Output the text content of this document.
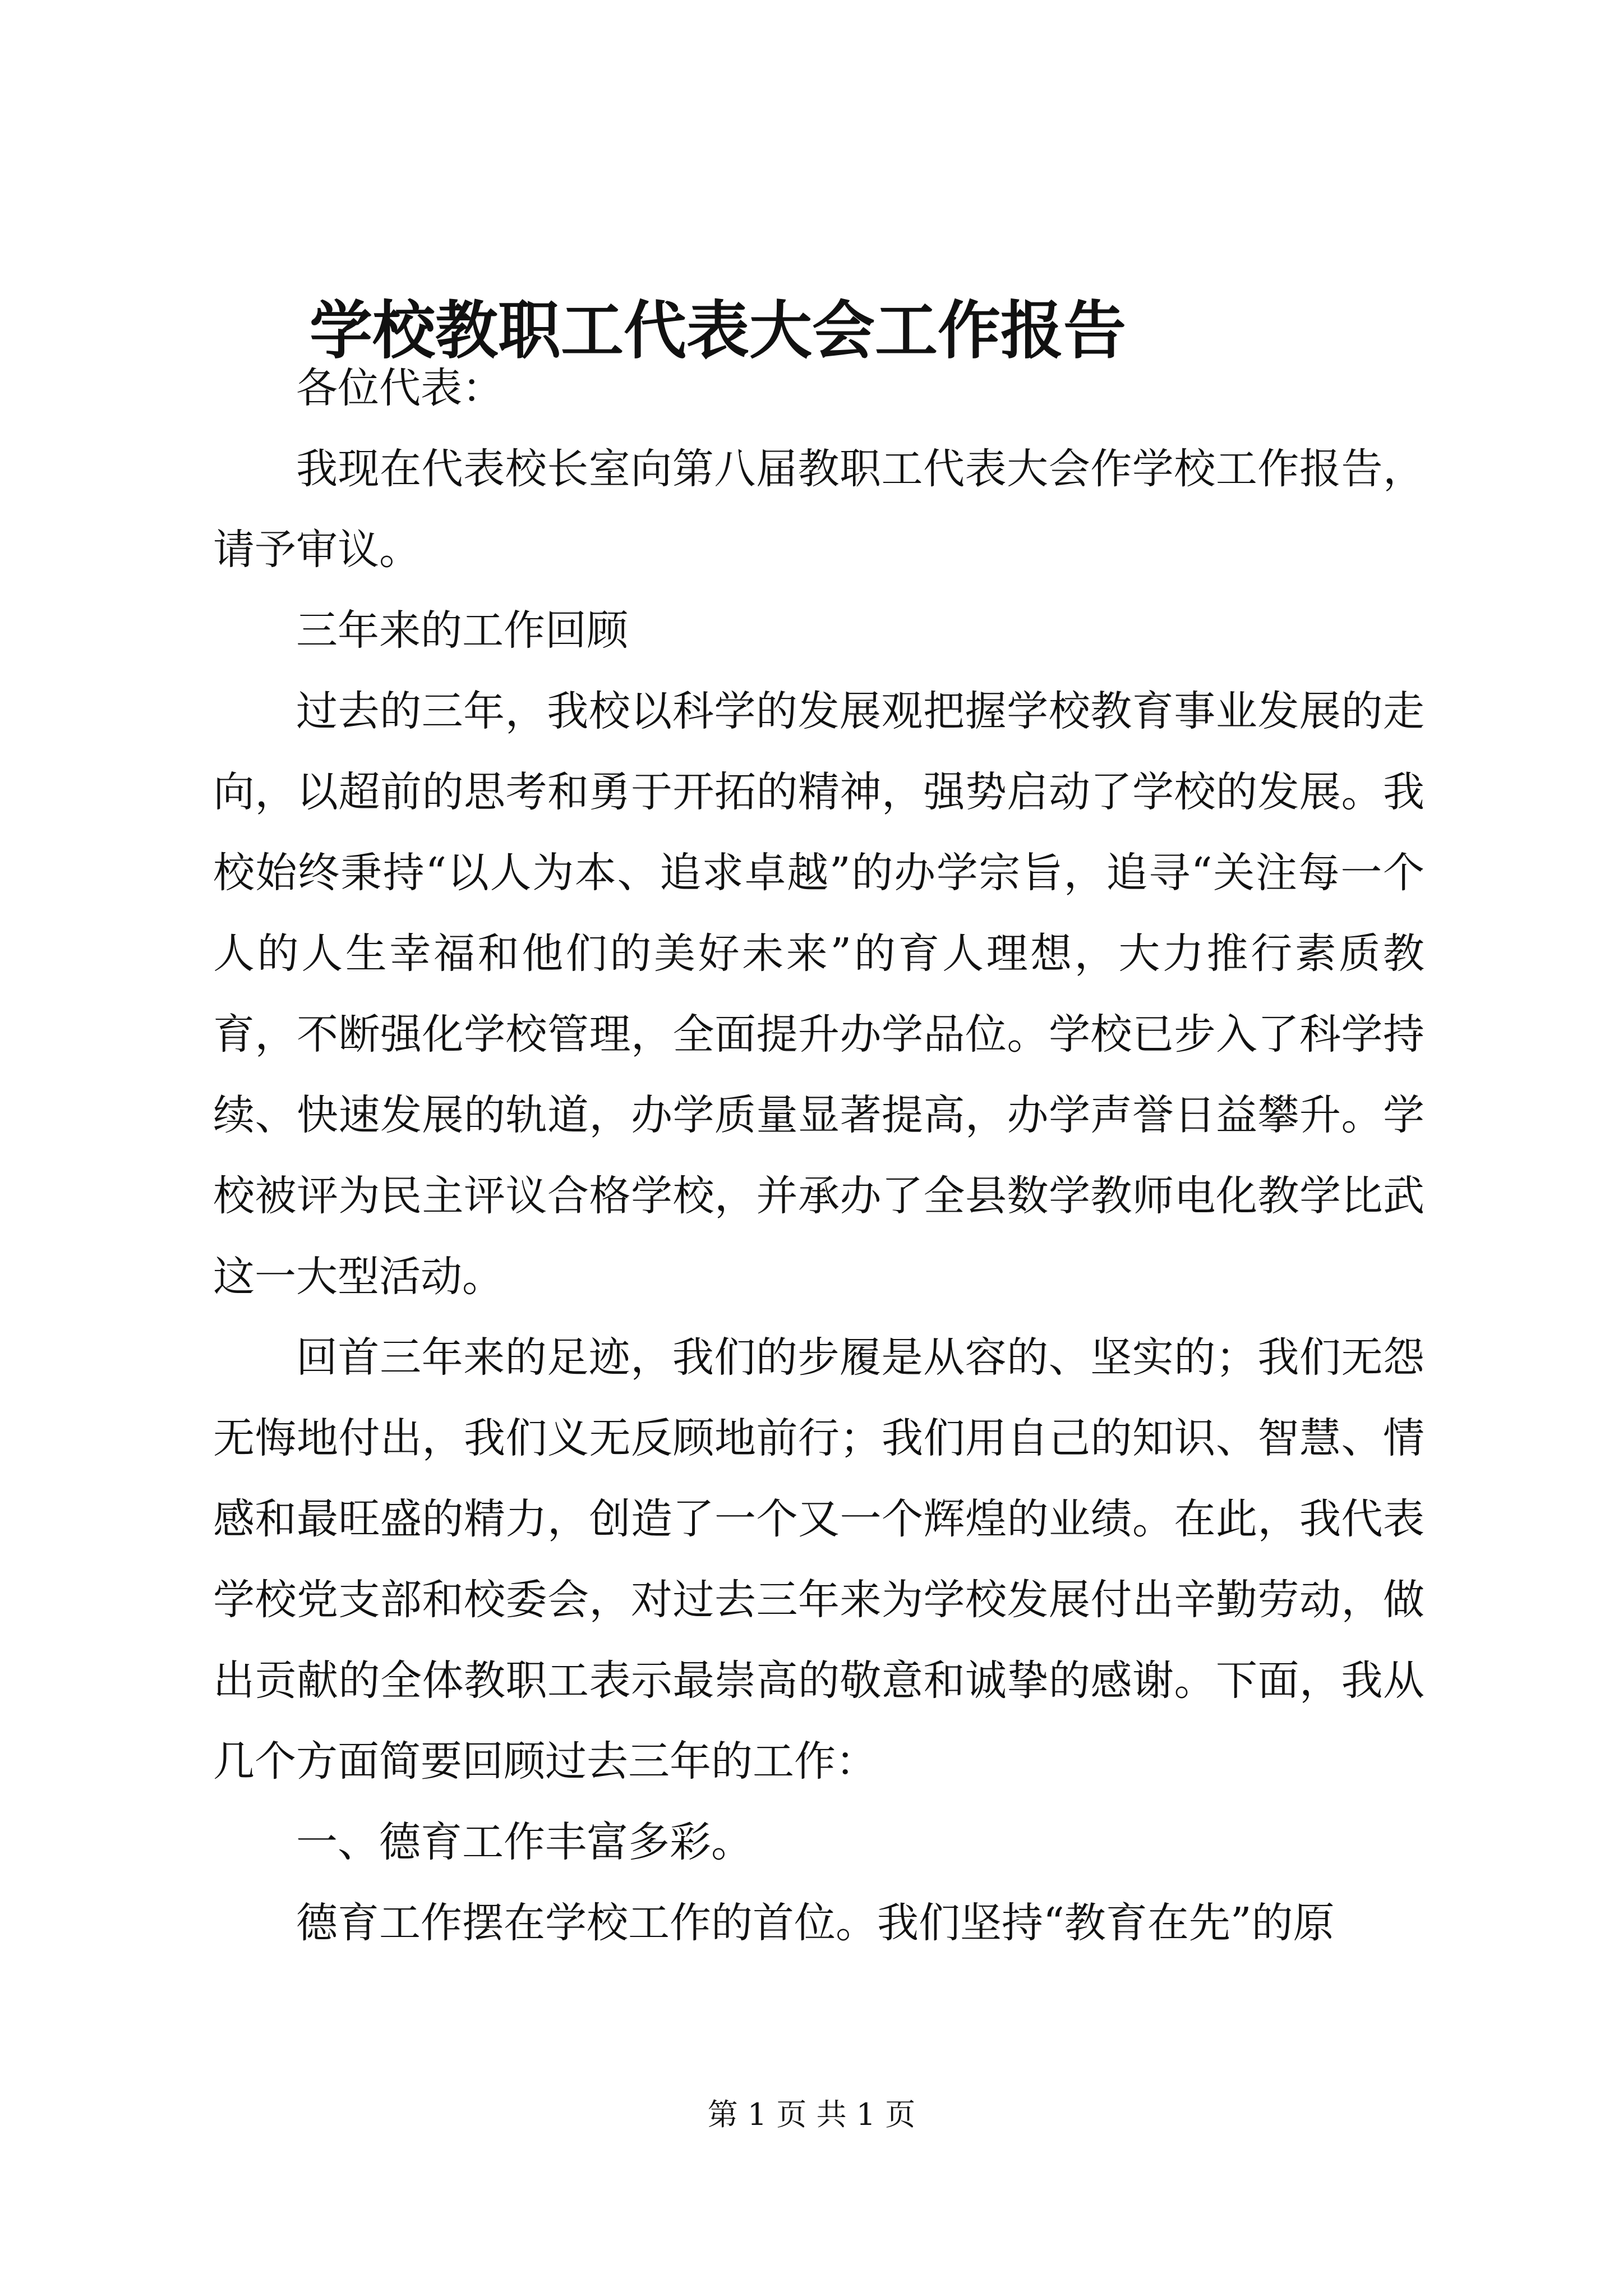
学校教职工代表大会工作报告

各位代表：

我现在代表校长室向第八届教职工代表大会作学校工作报告，请予审议。

三年来的工作回顾

过去的三年，我校以科学的发展观把握学校教育事业发展的走向，以超前的思考和勇于开拓的精神，强势启动了学校的发展。我校始终秉持“以人为本、追求卓越”的办学宗旨，追寻“关注每一个人的人生幸福和他们的美好未来”的育人理想，大力推行素质教育，不断强化学校管理，全面提升办学品位。学校已步入了科学持续、快速发展的轨道，办学质量显著提高，办学声誉日益攀升。学校被评为民主评议合格学校，并承办了全县数学教师电化教学比武这一大型活动。

回首三年来的足迹，我们的步履是从容的、坚实的；我们无怨无悔地付出，我们义无反顾地前行；我们用自己的知识、智慧、情感和最旺盛的精力，创造了一个又一个辉煌的业绩。在此，我代表学校党支部和校委会，对过去三年来为学校发展付出辛勤劳动，做出贡献的全体教职工表示最崇高的敬意和诚挚的感谢。下面，我从几个方面简要回顾过去三年的工作：

一、德育工作丰富多彩。

德育工作摆在学校工作的首位。我们坚持“教育在先”的原

第 1 页 共 1 页
